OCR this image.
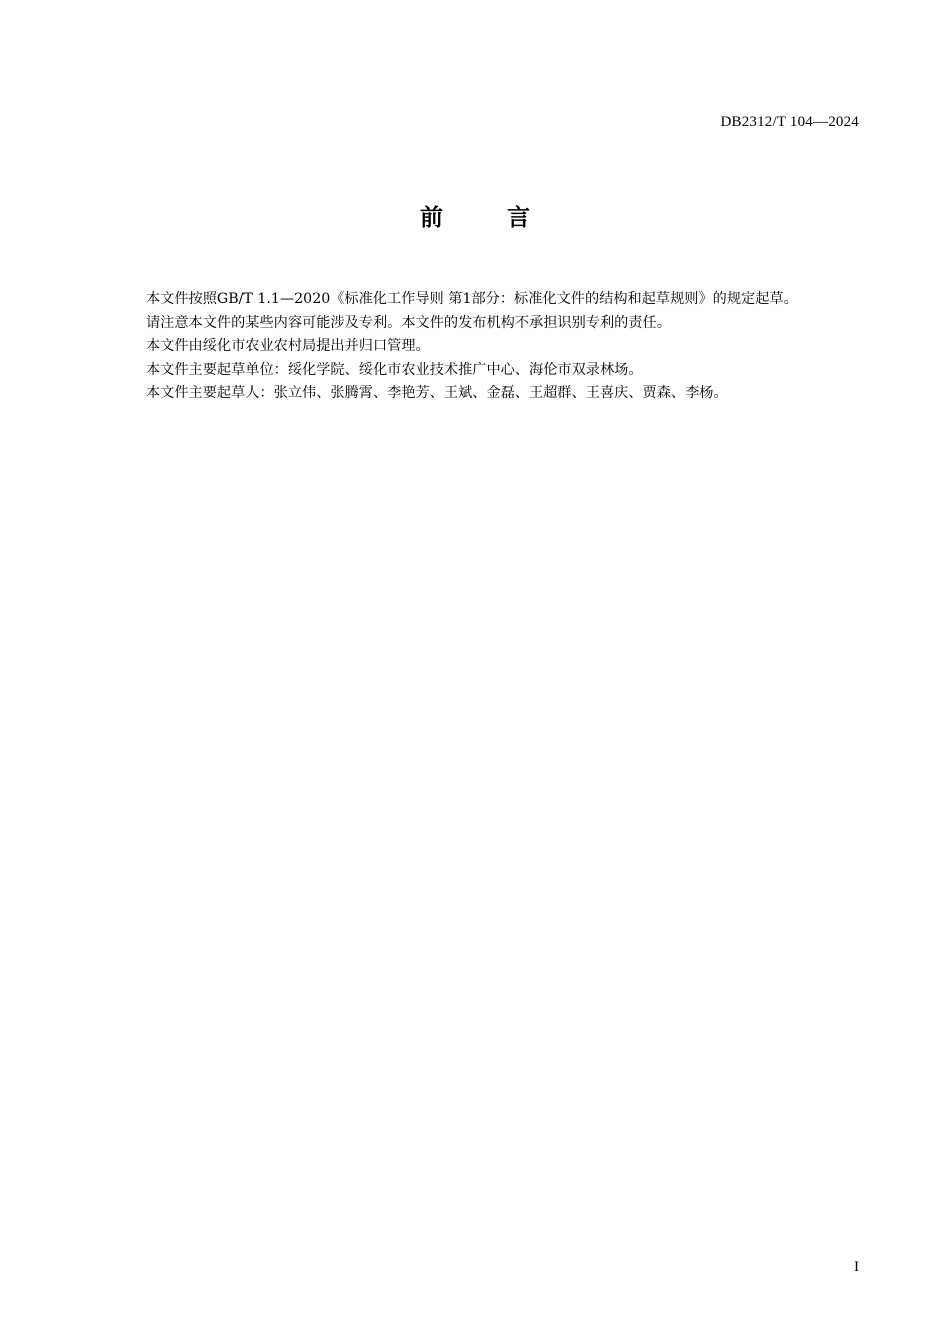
DB2312/T 104—2024
前	言

本文件按照GB/T 1.1—2020《标准化工作导则 第1部分：标准化文件的结构和起草规则》的规定起草。

请注意本文件的某些内容可能涉及专利。本文件的发布机构不承担识别专利的责任。

本文件由绥化市农业农村局提出并归口管理。

本文件主要起草单位：绥化学院、绥化市农业技术推广中心、海伦市双录林场。

本文件主要起草人：张立伟、张腾霄、李艳芳、王斌、金磊、王超群、王喜庆、贾森、李杨。

I
